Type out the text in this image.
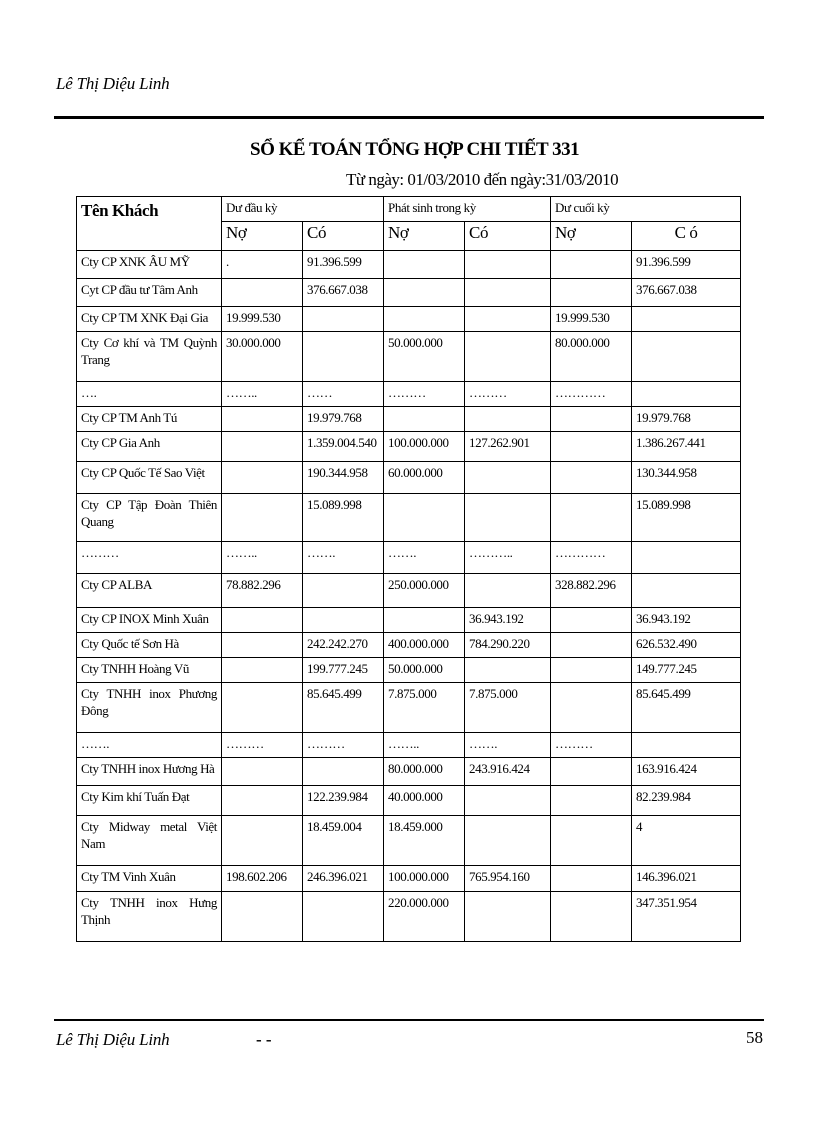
Lê Thị Diệu Linh
SỔ KẾ TOÁN TỔNG HỢP CHI TIẾT 331
Từ ngày: 01/03/2010 đến ngày:31/03/2010
Tên Khách	Dư đầu kỳ		Phát sinh trong kỳ		Dư cuối kỳ	
	Nợ	Có	Nợ	Có	Nợ	C ó
Cty CP XNK ÂU MỸ	.	91.396.599				91.396.599
Cyt CP đầu tư Tâm Anh		376.667.038				376.667.038
Cty CP TM XNK Đại Gia	19.999.530				19.999.530	
Cty Cơ khí và TM Quỳnh Trang	30.000.000		50.000.000		80.000.000	
….	……..	……	………	………	…………	
Cty CP TM Anh Tú		19.979.768				19.979.768
Cty CP Gia Anh		1.359.004.540	100.000.000	127.262.901		1.386.267.441
Cty CP Quốc Tế Sao Việt		190.344.958	60.000.000			130.344.958
Cty CP Tập Đoàn Thiên Quang		15.089.998				15.089.998
………	……..	…….	…….	………..	…………	
Cty CP ALBA	78.882.296		250.000.000		328.882.296	
Cty CP INOX Minh Xuân				36.943.192		36.943.192
Cty Quốc tế Sơn Hà		242.242.270	400.000.000	784.290.220		626.532.490
Cty TNHH Hoàng Vũ		199.777.245	50.000.000			149.777.245
Cty TNHH inox Phương Đông		85.645.499	7.875.000	7.875.000		85.645.499
…….	………	………	……..	…….	………	
Cty TNHH inox Hương Hà			80.000.000	243.916.424		163.916.424
Cty Kim khí Tuấn Đạt		122.239.984	40.000.000			82.239.984
Cty Midway metal Việt Nam		18.459.004	18.459.000			4
Cty TM Vinh Xuân	198.602.206	246.396.021	100.000.000	765.954.160		146.396.021
Cty TNHH inox Hưng Thịnh			220.000.000			347.351.954
Lê Thị Diệu Linh	- -	58
